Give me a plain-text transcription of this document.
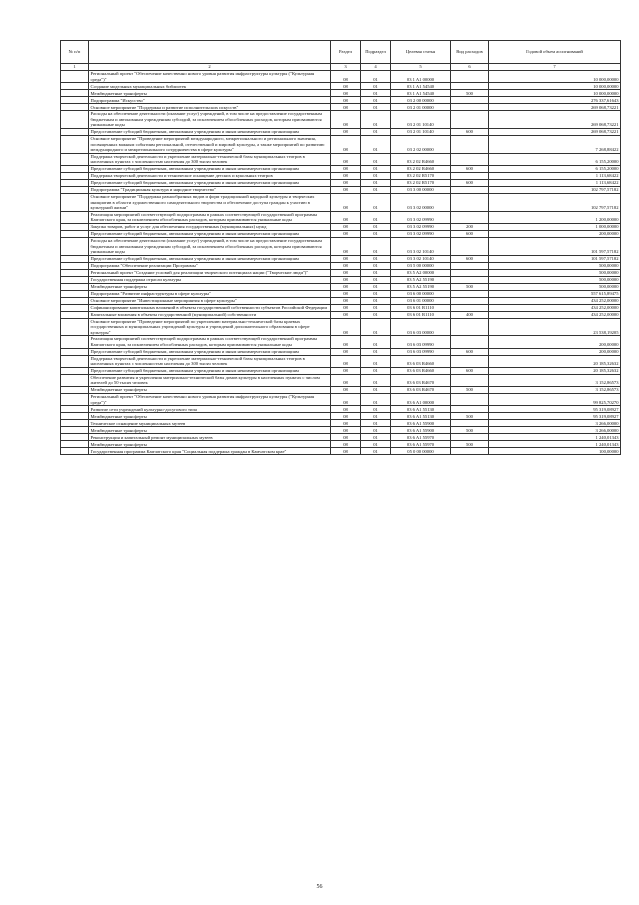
№ п/п		Раздел	Подраздел	Целевая статья	Вид расходов	Годовой объем ассигнований
1	2	3	4	5	6	7
	Региональный проект "Обеспечение качественно нового уровня развития инфраструктуры культуры ("Культурная среда")"	08	01	03 1 A1 00000		10 000,00000
	Создание модельных муниципальных библиотек	08	01	03 1 A1 54540		10 000,00000
	Межбюджетные трансферты	08	01	03 1 A1 54540	500	10 000,00000
	Подпрограмма "Искусство"	08	01	03 2 00 00000		276 337,61643
	Основное мероприятие "Поддержка и развитие исполнительских искусств"	08	01	03 2 01 00000		269 068,73221
	Расходы на обеспечение деятельности (оказание услуг) учреждений, в том числе на предоставление государственным бюджетным и автономным учреждениям субсидий, за исключением обособленных расходов, которым присваиваются уникальные коды	08	01	03 2 01 10140		269 068,73221
	Предоставление субсидий бюджетным, автономным учреждениям и иным некоммерческим организациям	08	01	03 2 01 10140	600	269 068,73221
	Основное мероприятие "Проведение мероприятий международного, межрегионального и регионального значения, посвященных важным событиям региональной, отечественной и мировой культуры, а также мероприятий по развитию международного и межрегионального сотрудничества в сфере культуры"	08	01	03 2 02 00000		7 268,88422
	Поддержка творческой деятельности и укрепление материально-технической базы муниципальных театров в населенных пунктах с численностью населения до 300 тысяч человек	08	01	03 2 02 R4660		6 155,20000
	Предоставление субсидий бюджетным, автономным учреждениям и иным некоммерческим организациям	08	01	03 2 02 R4660	600	6 155,20000
	Поддержка творческой деятельности и техническое оснащение детских и кукольных театров	08	01	03 2 02 R5170		1 113,68422
	Предоставление субсидий бюджетным, автономным учреждениям и иным некоммерческим организациям	08	01	03 2 02 R5170	600	1 113,68422
	Подпрограмма "Традиционная культура и народное творчество"	08	01	03 3 00 00000		102 797,57182
	Основное мероприятие "Поддержка разнообразных видов и форм традиционной народной культуры и творческих инициатив в области художественного самодеятельного творчества и обеспечение доступа граждан к участию в культурной жизни"	08	01	03 3 02 00000		102 797,57182
	Реализация мероприятий соответствующей подпрограммы в рамках соответствующей государственной программы Камчатского края, за исключением обособленных расходов, которым присваиваются уникальные коды	08	01	03 3 02 09990		1 200,00000
	Закупка товаров, работ и услуг для обеспечения государственных (муниципальных) нужд	08	01	03 3 02 09990	200	1 000,00000
	Предоставление субсидий бюджетным, автономным учреждениям и иным некоммерческим организациям	08	01	03 3 02 09990	600	200,00000
	Расходы на обеспечение деятельности (оказание услуг) учреждений, в том числе на предоставление государственным бюджетным и автономным учреждениям субсидий, за исключением обособленных расходов, которым присваиваются уникальные коды	08	01	03 3 02 10140		101 597,57182
	Предоставление субсидий бюджетным, автономным учреждениям и иным некоммерческим организациям	08	01	03 3 02 10140	600	101 597,57182
	Подпрограмма "Обеспечение реализации Программы"	08	01	03 5 00 00000		500,00000
	Региональный проект "Создание условий для реализации творческого потенциала нации ("Творческие люди")"	08	01	03 5 A2 00000		500,00000
	Государственная поддержка отрасли культуры	08	01	03 5 A2 55190		500,00000
	Межбюджетные трансферты	08	01	03 5 A2 55190	500	500,00000
	Подпрограмма "Развитие инфраструктуры в сфере культуры"	08	01	03 6 00 00000		557 615,89475
	Основное мероприятие "Инвестиционные мероприятия в сфере культуры"	08	01	03 6 01 00000		434 252,00000
	Софинансирование капитальных вложений в объекты государственной собственности субъектов Российской Федерации	08	01	03 6 01 R1110		434 252,00000
	Капитальные вложения в объекты государственной (муниципальной) собственности	08	01	03 6 01 R1110	400	434 252,00000
	Основное мероприятие "Проведение мероприятий по укреплению материально-технической базы краевых государственных и муниципальных учреждений культуры и учреждений дополнительного образования в сфере культуры"	08	01	03 6 03 00000		23 538,19205
	Реализация мероприятий соответствующей подпрограммы в рамках соответствующей государственной программы Камчатского края, за исключением обособленных расходов, которым присваиваются уникальные коды	08	01	03 6 03 09990		200,00000
	Предоставление субсидий бюджетным, автономным учреждениям и иным некоммерческим организациям	08	01	03 6 03 09990	600	200,00000
	Поддержка творческой деятельности и укрепление материально-технической базы муниципальных театров в населенных пунктах с численностью населения до 300 тысяч человек	08	01	03 6 03 R4660		20 185,32632
	Предоставление субсидий бюджетным, автономным учреждениям и иным некоммерческим организациям	08	01	03 6 03 R4660	600	20 185,32632
	Обеспечение развития и укрепления материально-технической базы домов культуры в населенных пунктах с числом жителей до 50 тысяч человек	08	01	03 6 03 R4670		3 152,86573
	Межбюджетные трансферты	08	01	03 6 03 R4670	500	3 152,86573
	Региональный проект "Обеспечение качественно нового уровня развития инфраструктуры культуры ("Культурная среда")"	08	01	03 6 A1 00000		99 825,70270
	Развитие сети учреждений культурно-досугового типа	08	01	03 6 A1 55130		95 319,08927
	Межбюджетные трансферты	08	01	03 6 A1 55130	500	95 319,08927
	Техническое оснащение муниципальных музеев	08	01	03 6 A1 55900		3 266,00000
	Межбюджетные трансферты	08	01	03 6 A1 55900	500	3 266,00000
	Реконструкция и капитальный ремонт муниципальных музеев	08	01	03 6 A1 55970		1 240,01343
	Межбюджетные трансферты	08	01	03 6 A1 55970	500	1 240,01343
	Государственная программа Камчатского края "Социальная поддержка граждан в Камчатском крае"	08	01	05 0 00 00000		100,00000
56
